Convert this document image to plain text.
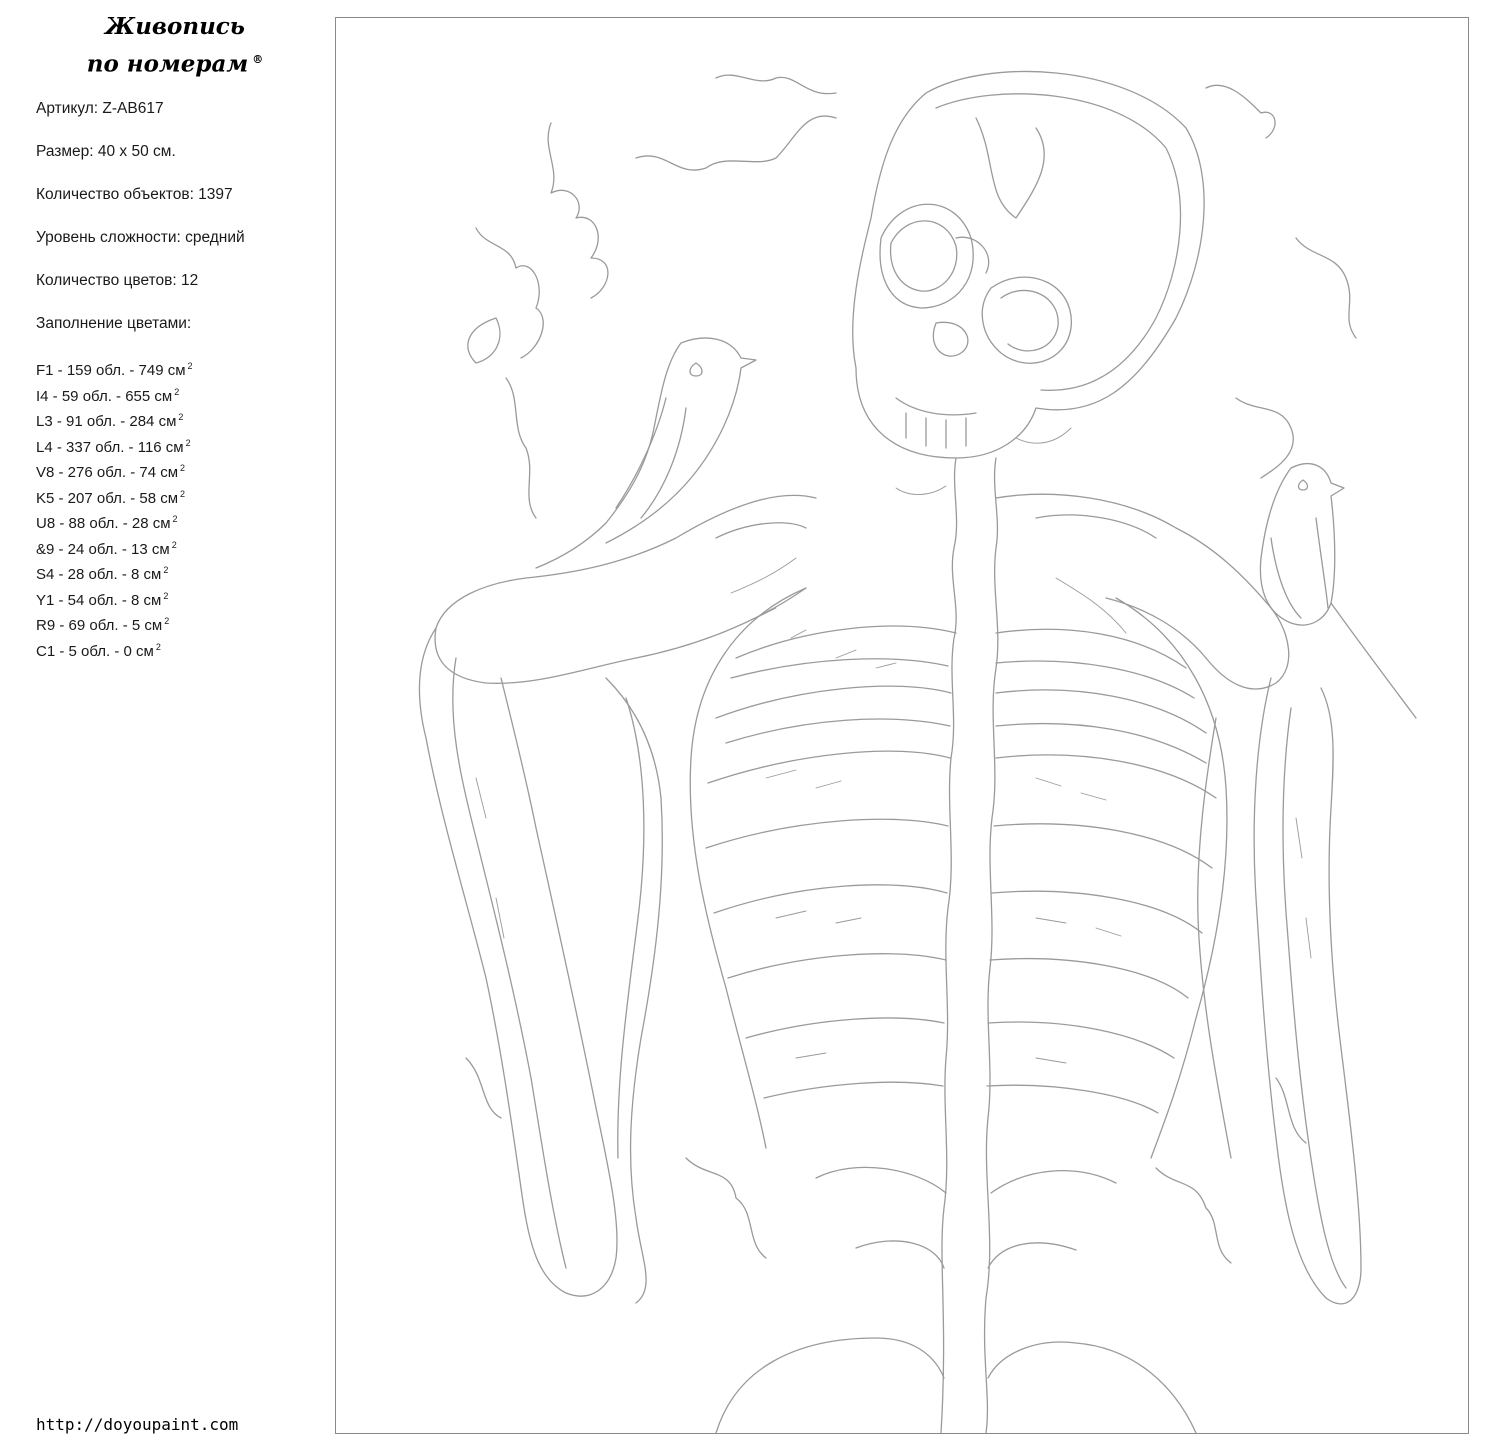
Живопись
по номерам ®

Артикул: Z-AB617

Размер: 40 х 50 см.

Количество объектов: 1397

Уровень сложности: средний

Количество цветов: 12

Заполнение цветами:

F1 - 159 обл. - 749 см $^2$
I4 - 59 обл. - 655 см $^2$
L3 - 91 обл. - 284 см $^2$
L4 - 337 обл. - 116 см $^2$
V8 - 276 обл. - 74 см $^2$
K5 - 207 обл. - 58 см $^2$
U8 - 88 обл. - 28 см $^2$
&9 - 24 обл. - 13 см $^2$
S4 - 28 обл. - 8 см $^2$
Y1 - 54 обл. - 8 см $^2$
R9 - 69 обл. - 5 см $^2$
C1 - 5 обл. - 0 см $^2$
http://doyoupaint.com
